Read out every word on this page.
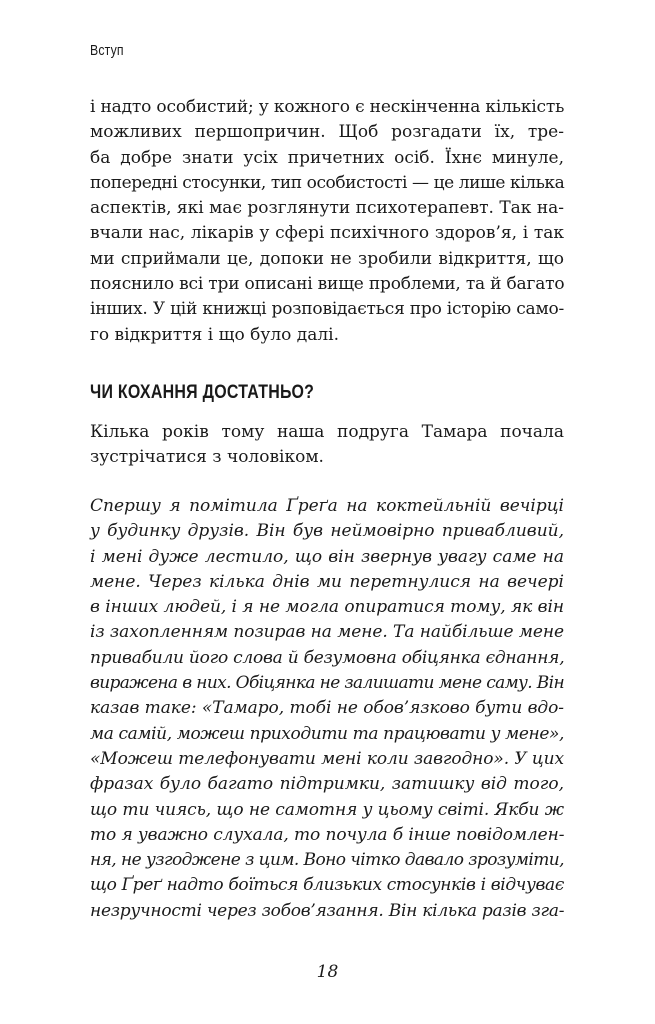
Вступ
і надто особистий; у кожного є нескінченна кількість
можливих першопричин. Щоб розгадати їх, тре-
ба добре знати усіх причетних осіб. Їхнє минуле,
попередні стосунки, тип особистості — це лише кілька
аспектів, які має розглянути психотерапевт. Так на-
вчали нас, лікарів у сфері психічного здоров’я, і так
ми сприймали це, допоки не зробили відкриття, що
пояснило всі три описані вище проблеми, та й багато
інших. У цій книжці розповідається про історію само-
го відкриття і що було далі.
ЧИ КОХАННЯ ДОСТАТНЬО?
Кілька років тому наша подруга Тамара почала
зустрічатися з чоловіком.
Спершу я помітила Ґреґа на коктейльній вечірці
у будинку друзів. Він був неймовірно привабливий,
і мені дуже лестило, що він звернув увагу саме на
мене. Через кілька днів ми перетнулися на вечері
в інших людей, і я не могла опиратися тому, як він
із захопленням позирав на мене. Та найбільше мене
привабили його слова й безумовна обіцянка єднання,
виражена в них. Обіцянка не залишати мене саму. Він
казав таке: «Тамаро, тобі не обов’язково бути вдо-
ма самій, можеш приходити та працювати у мене»,
«Можеш телефонувати мені коли завгодно». У цих
фразах було багато підтримки, затишку від того,
що ти чиясь, що не самотня у цьому світі. Якби ж
то я уважно слухала, то почула б інше повідомлен-
ня, не узгоджене з цим. Воно чітко давало зрозуміти,
що Ґреґ надто боїться близьких стосунків і відчуває
незручності через зобов’язання. Він кілька разів зга-
18
